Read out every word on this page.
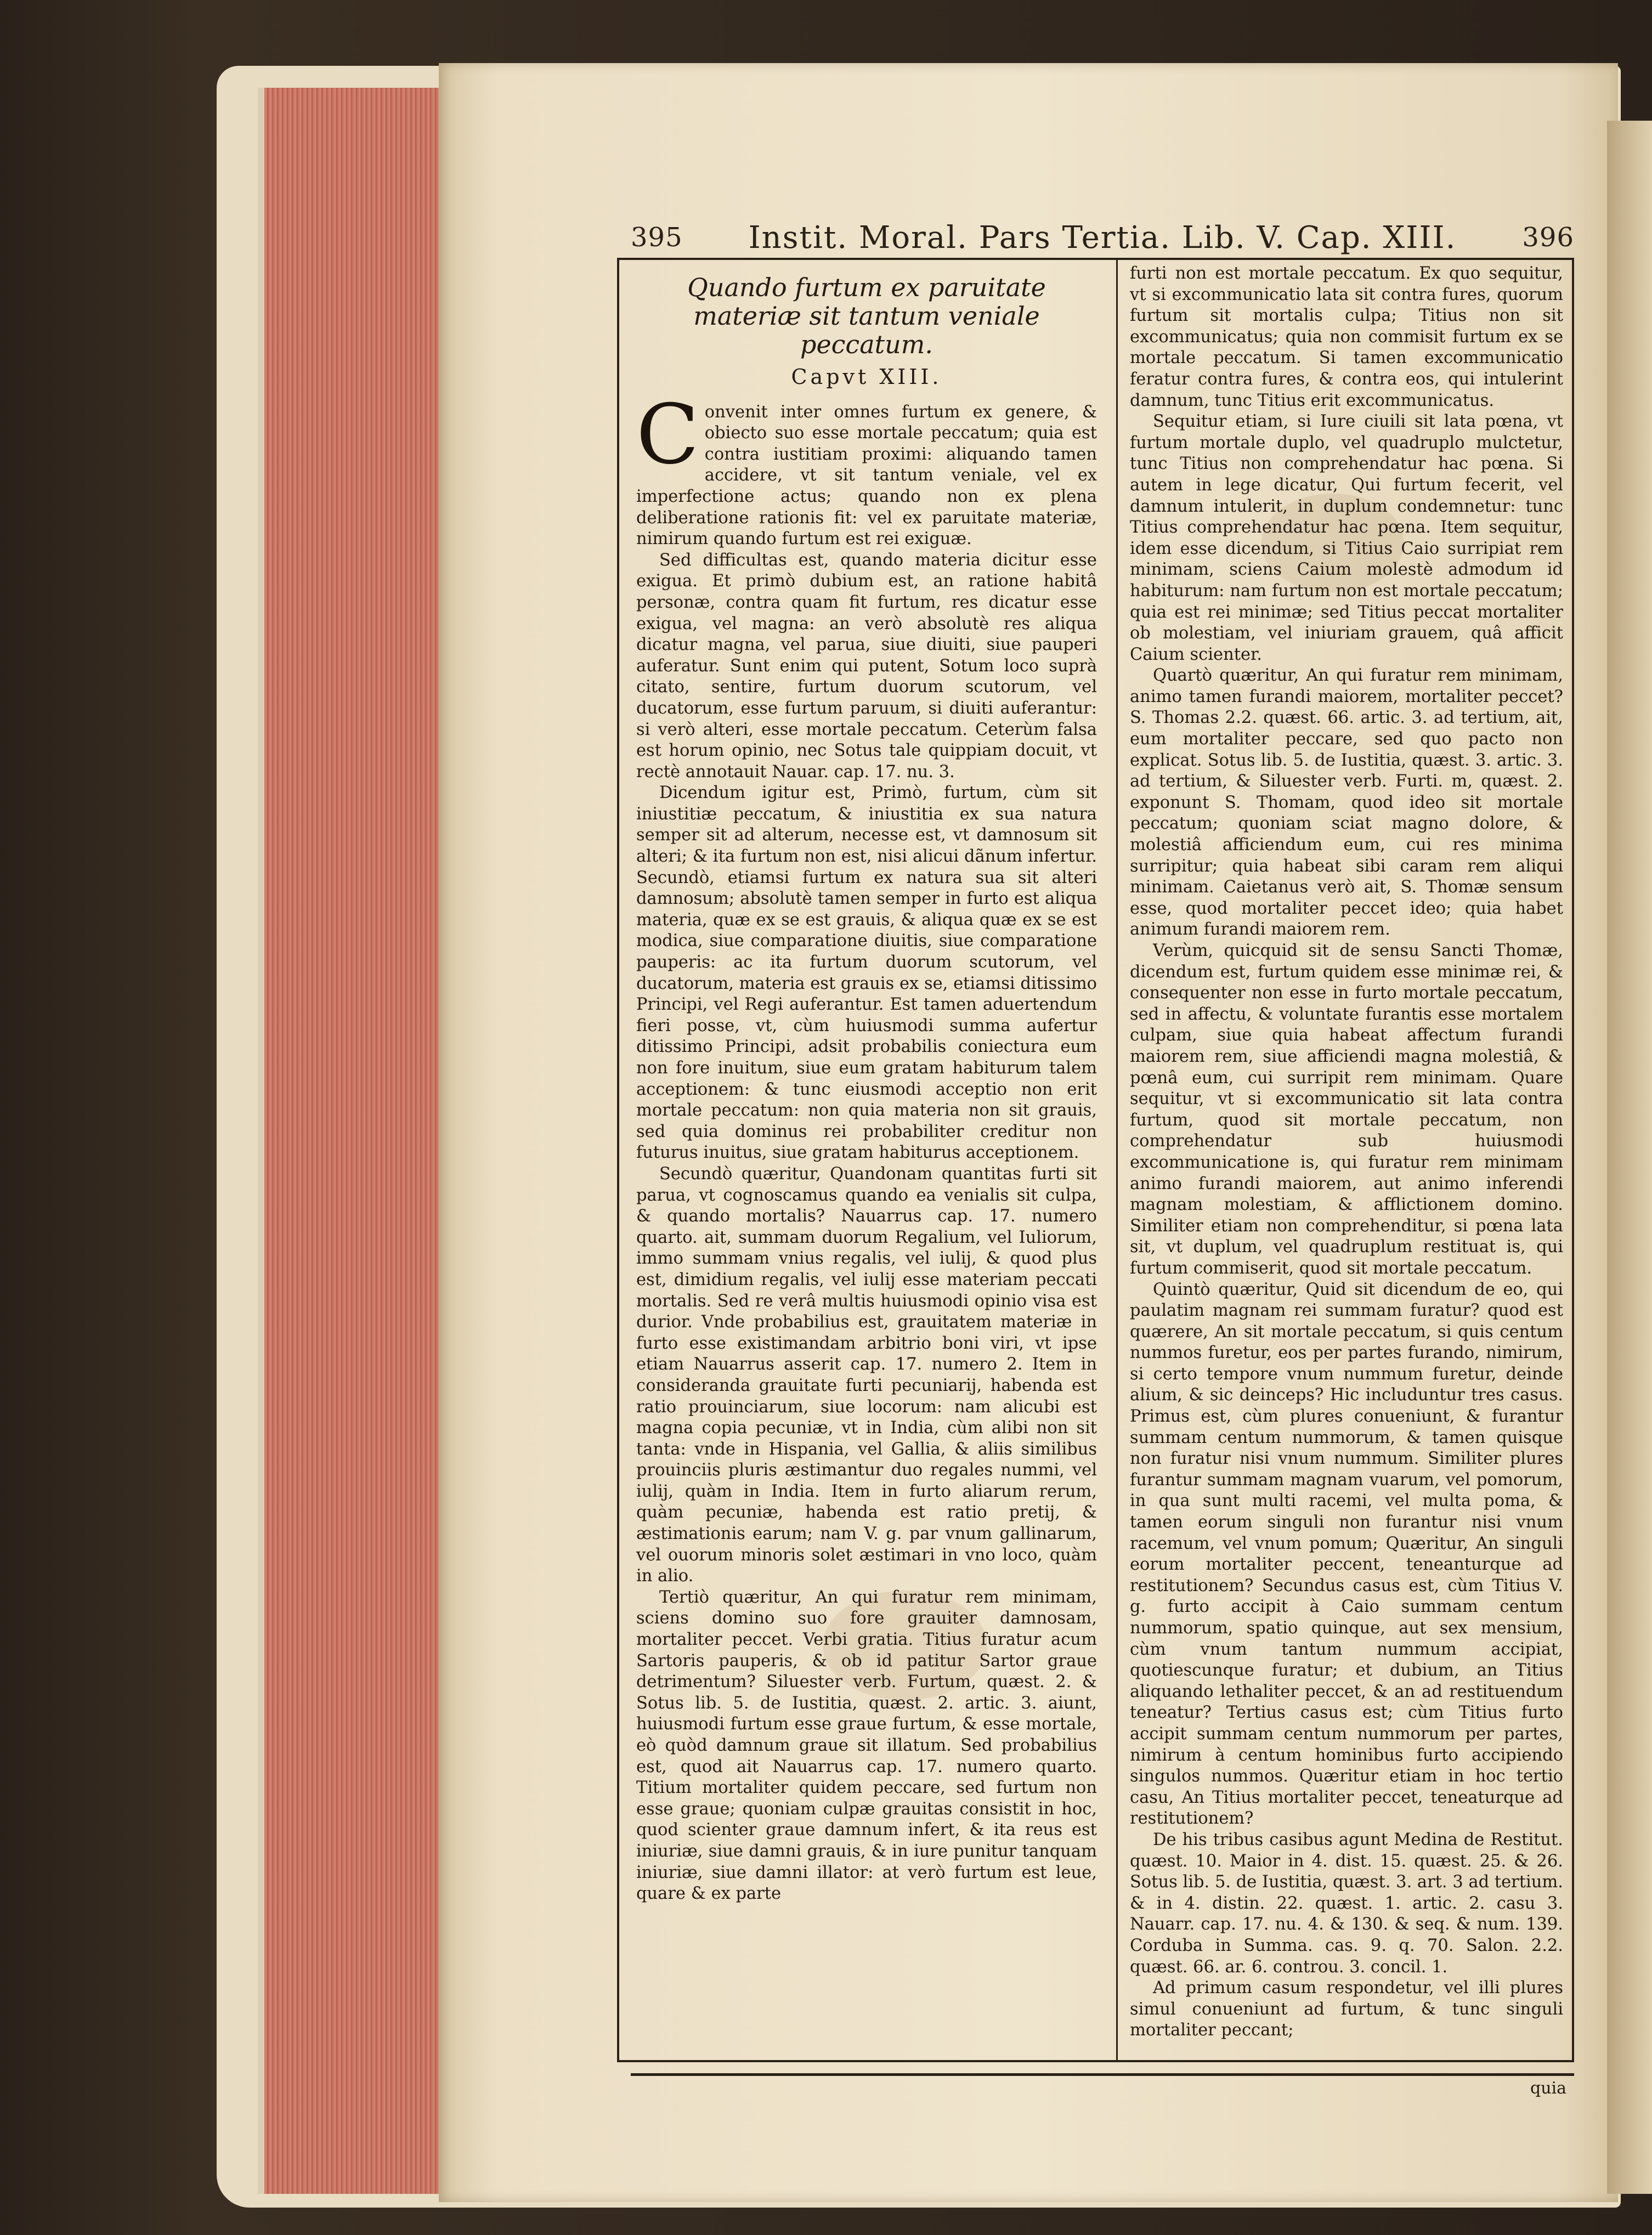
395 Instit. Moral. Pars Tertia. Lib. V. Cap. XIII. 396
Quando furtum ex paruitate materiæ sit tantum veniale peccatum.
Capvt XIII.

Convenit inter omnes furtum ex genere, & obiecto suo esse mortale peccatum; quia est contra iustitiam proximi: aliquando tamen accidere, vt sit tantum veniale, vel ex imperfectione actus; quando non ex plena deliberatione rationis fit: vel ex paruitate materiæ, nimirum quando furtum est rei exiguæ.

Sed difficultas est, quando materia dicitur esse exigua. Et primò dubium est, an ratione habitâ personæ, contra quam fit furtum, res dicatur esse exigua, vel magna: an verò absolutè res aliqua dicatur magna, vel parua, siue diuiti, siue pauperi auferatur. Sunt enim qui putent, Sotum loco suprà citato, sentire, furtum duorum scutorum, vel ducatorum, esse furtum paruum, si diuiti auferantur: si verò alteri, esse mortale peccatum. Ceterùm falsa est horum opinio, nec Sotus tale quippiam docuit, vt rectè annotauit Nauar. cap. 17. nu. 3.

Dicendum igitur est, Primò, furtum, cùm sit iniustitiæ peccatum, & iniustitia ex sua natura semper sit ad alterum, necesse est, vt damnosum sit alteri; & ita furtum non est, nisi alicui dãnum infertur. Secundò, etiamsi furtum ex natura sua sit alteri damnosum; absolutè tamen semper in furto est aliqua materia, quæ ex se est grauis, & aliqua quæ ex se est modica, siue comparatione diuitis, siue comparatione pauperis: ac ita furtum duorum scutorum, vel ducatorum, materia est grauis ex se, etiamsi ditissimo Principi, vel Regi auferantur. Est tamen aduertendum fieri posse, vt, cùm huiusmodi summa aufertur ditissimo Principi, adsit probabilis coniectura eum non fore inuitum, siue eum gratam habiturum talem acceptionem: & tunc eiusmodi acceptio non erit mortale peccatum: non quia materia non sit grauis, sed quia dominus rei probabiliter creditur non futurus inuitus, siue gratam habiturus acceptionem.

Secundò quæritur, Quandonam quantitas furti sit parua, vt cognoscamus quando ea venialis sit culpa, & quando mortalis? Nauarrus cap. 17. numero quarto. ait, summam duorum Regalium, vel Iuliorum, immo summam vnius regalis, vel iulij, & quod plus est, dimidium regalis, vel iulij esse materiam peccati mortalis. Sed re verâ multis huiusmodi opinio visa est durior. Vnde probabilius est, grauitatem materiæ in furto esse existimandam arbitrio boni viri, vt ipse etiam Nauarrus asserit cap. 17. numero 2. Item in consideranda grauitate furti pecuniarij, habenda est ratio prouinciarum, siue locorum: nam alicubi est magna copia pecuniæ, vt in India, cùm alibi non sit tanta: vnde in Hispania, vel Gallia, & aliis similibus prouinciis pluris æstimantur duo regales nummi, vel iulij, quàm in India. Item in furto aliarum rerum, quàm pecuniæ, habenda est ratio pretij, & æstimationis earum; nam V. g. par vnum gallinarum, vel ouorum minoris solet æstimari in vno loco, quàm in alio.

Tertiò quæritur, An qui furatur rem minimam, sciens domino suo fore grauiter damnosam, mortaliter peccet. Verbi gratia. Titius furatur acum Sartoris pauperis, & ob id patitur Sartor graue detrimentum? Siluester verb. Furtum, quæst. 2. & Sotus lib. 5. de Iustitia, quæst. 2. artic. 3. aiunt, huiusmodi furtum esse graue furtum, & esse mortale, eò quòd damnum graue sit illatum. Sed probabilius est, quod ait Nauarrus cap. 17. numero quarto. Titium mortaliter quidem peccare, sed furtum non esse graue; quoniam culpæ grauitas consistit in hoc, quod scienter graue damnum infert, & ita reus est iniuriæ, siue damni grauis, & in iure punitur tanquam iniuriæ, siue damni illator: at verò furtum est leue, quare & ex parte

furti non est mortale peccatum. Ex quo sequitur, vt si excommunicatio lata sit contra fures, quorum furtum sit mortalis culpa; Titius non sit excommunicatus; quia non commisit furtum ex se mortale peccatum. Si tamen excommunicatio feratur contra fures, & contra eos, qui intulerint damnum, tunc Titius erit excommunicatus.

Sequitur etiam, si Iure ciuili sit lata pœna, vt furtum mortale duplo, vel quadruplo mulctetur, tunc Titius non comprehendatur hac pœna. Si autem in lege dicatur, Qui furtum fecerit, vel damnum intulerit, in duplum condemnetur: tunc Titius comprehendatur hac pœna. Item sequitur, idem esse dicendum, si Titius Caio surripiat rem minimam, sciens Caium molestè admodum id habiturum: nam furtum non est mortale peccatum; quia est rei minimæ; sed Titius peccat mortaliter ob molestiam, vel iniuriam grauem, quâ afficit Caium scienter.

Quartò quæritur, An qui furatur rem minimam, animo tamen furandi maiorem, mortaliter peccet? S. Thomas 2.2. quæst. 66. artic. 3. ad tertium, ait, eum mortaliter peccare, sed quo pacto non explicat. Sotus lib. 5. de Iustitia, quæst. 3. artic. 3. ad tertium, & Siluester verb. Furti. m, quæst. 2. exponunt S. Thomam, quod ideo sit mortale peccatum; quoniam sciat magno dolore, & molestiâ afficiendum eum, cui res minima surripitur; quia habeat sibi caram rem aliqui minimam. Caietanus verò ait, S. Thomæ sensum esse, quod mortaliter peccet ideo; quia habet animum furandi maiorem rem.

Verùm, quicquid sit de sensu Sancti Thomæ, dicendum est, furtum quidem esse minimæ rei, & consequenter non esse in furto mortale peccatum, sed in affectu, & voluntate furantis esse mortalem culpam, siue quia habeat affectum furandi maiorem rem, siue afficiendi magna molestiâ, & pœnâ eum, cui surripit rem minimam. Quare sequitur, vt si excommunicatio sit lata contra furtum, quod sit mortale peccatum, non comprehendatur sub huiusmodi excommunicatione is, qui furatur rem minimam animo furandi maiorem, aut animo inferendi magnam molestiam, & afflictionem domino. Similiter etiam non comprehenditur, si pœna lata sit, vt duplum, vel quadruplum restituat is, qui furtum commiserit, quod sit mortale peccatum.

Quintò quæritur, Quid sit dicendum de eo, qui paulatim magnam rei summam furatur? quod est quærere, An sit mortale peccatum, si quis centum nummos furetur, eos per partes furando, nimirum, si certo tempore vnum nummum furetur, deinde alium, & sic deinceps? Hic includuntur tres casus. Primus est, cùm plures conueniunt, & furantur summam centum nummorum, & tamen quisque non furatur nisi vnum nummum. Similiter plures furantur summam magnam vuarum, vel pomorum, in qua sunt multi racemi, vel multa poma, & tamen eorum singuli non furantur nisi vnum racemum, vel vnum pomum; Quæritur, An singuli eorum mortaliter peccent, teneanturque ad restitutionem? Secundus casus est, cùm Titius V. g. furto accipit à Caio summam centum nummorum, spatio quinque, aut sex mensium, cùm vnum tantum nummum accipiat, quotiescunque furatur; et dubium, an Titius aliquando lethaliter peccet, & an ad restituendum teneatur? Tertius casus est; cùm Titius furto accipit summam centum nummorum per partes, nimirum à centum hominibus furto accipiendo singulos nummos. Quæritur etiam in hoc tertio casu, An Titius mortaliter peccet, teneaturque ad restitutionem?

De his tribus casibus agunt Medina de Restitut. quæst. 10. Maior in 4. dist. 15. quæst. 25. & 26. Sotus lib. 5. de Iustitia, quæst. 3. art. 3 ad tertium. & in 4. distin. 22. quæst. 1. artic. 2. casu 3. Nauarr. cap. 17. nu. 4. & 130. & seq. & num. 139. Corduba in Summa. cas. 9. q. 70. Salon. 2.2. quæst. 66. ar. 6. controu. 3. concil. 1.

Ad primum casum respondetur, vel illi plures simul conueniunt ad furtum, & tunc singuli mortaliter peccant;

quia
